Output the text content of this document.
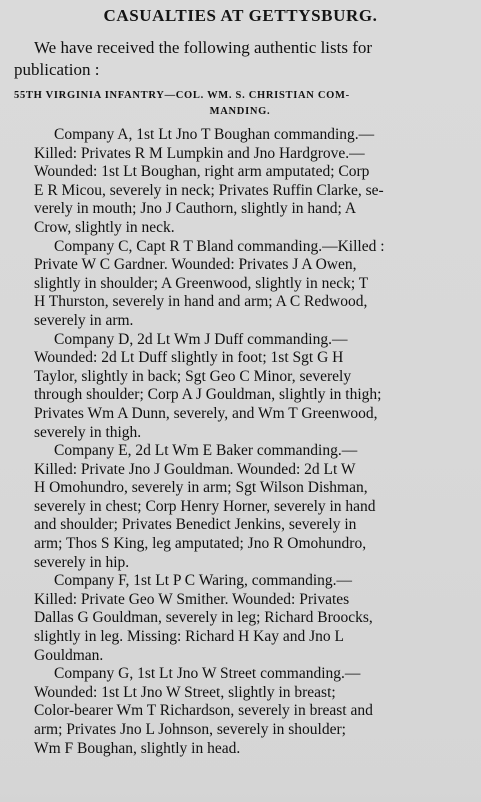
CASUALTIES AT GETTYSBURG.
We have received the following authentic lists for
publication :
55TH VIRGINIA INFANTRY—COL. WM. S. CHRISTIAN COM-
MANDING.
Company A, 1st Lt Jno T Boughan commanding.—
Killed: Privates R M Lumpkin and Jno Hardgrove.—
Wounded: 1st Lt Boughan, right arm amputated; Corp
E R Micou, severely in neck; Privates Ruffin Clarke, se-
verely in mouth; Jno J Cauthorn, slightly in hand; A
Crow, slightly in neck.
Company C, Capt R T Bland commanding.—Killed :
Private W C Gardner. Wounded: Privates J A Owen,
slightly in shoulder; A Greenwood, slightly in neck; T
H Thurston, severely in hand and arm; A C Redwood,
severely in arm.
Company D, 2d Lt Wm J Duff commanding.—
Wounded: 2d Lt Duff slightly in foot; 1st Sgt G H
Taylor, slightly in back; Sgt Geo C Minor, severely
through shoulder; Corp A J Gouldman, slightly in thigh;
Privates Wm A Dunn, severely, and Wm T Greenwood,
severely in thigh.
Company E, 2d Lt Wm E Baker commanding.—
Killed: Private Jno J Gouldman. Wounded: 2d Lt W
H Omohundro, severely in arm; Sgt Wilson Dishman,
severely in chest; Corp Henry Horner, severely in hand
and shoulder; Privates Benedict Jenkins, severely in
arm; Thos S King, leg amputated; Jno R Omohundro,
severely in hip.
Company F, 1st Lt P C Waring, commanding.—
Killed: Private Geo W Smither. Wounded: Privates
Dallas G Gouldman, severely in leg; Richard Broocks,
slightly in leg. Missing: Richard H Kay and Jno L
Gouldman.
Company G, 1st Lt Jno W Street commanding.—
Wounded: 1st Lt Jno W Street, slightly in breast;
Color-bearer Wm T Richardson, severely in breast and
arm; Privates Jno L Johnson, severely in shoulder;
Wm F Boughan, slightly in head.
